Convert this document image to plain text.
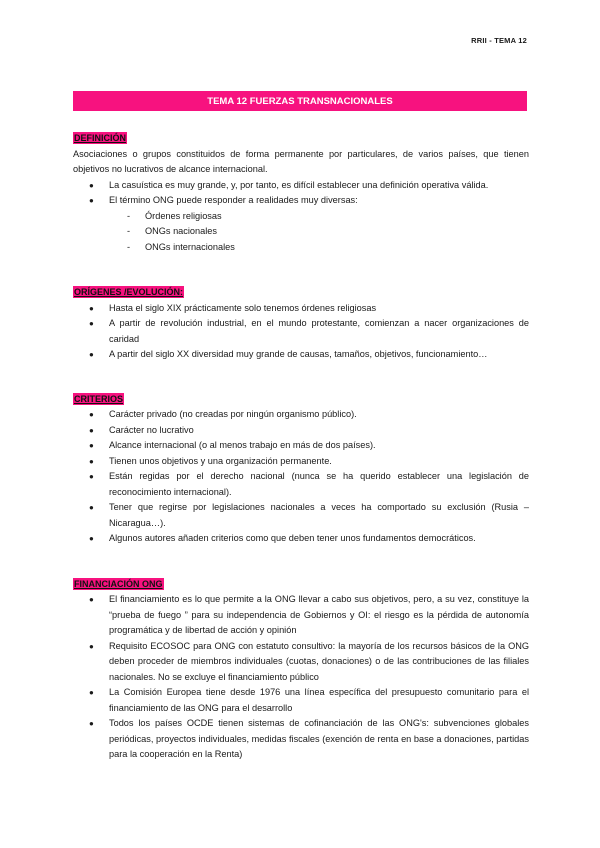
RRII - TEMA 12
TEMA 12 FUERZAS TRANSNACIONALES
DEFINICIÓN

Asociaciones o grupos constituidos de forma permanente por particulares, de varios países, que tienen objetivos no lucrativos de alcance internacional.

● La casuística es muy grande, y, por tanto, es difícil establecer una definición operativa válida.
● El término ONG puede responder a realidades muy diversas:
- Órdenes religiosas
- ONGs nacionales
- ONGs internacionales
ORÍGENES /EVOLUCIÓN:
● Hasta el siglo XIX prácticamente solo tenemos órdenes religiosas
● A partir de revolución industrial, en el mundo protestante, comienzan a nacer organizaciones de caridad
● A partir del siglo XX diversidad muy grande de causas, tamaños, objetivos, funcionamiento…
CRITERIOS
● Carácter privado (no creadas por ningún organismo público).
● Carácter no lucrativo
● Alcance internacional (o al menos trabajo en más de dos países).
● Tienen unos objetivos y una organización permanente.
● Están regidas por el derecho nacional (nunca se ha querido establecer una legislación de reconocimiento internacional).
● Tener que regirse por legislaciones nacionales a veces ha comportado su exclusión (Rusia – Nicaragua…).
● Algunos autores añaden criterios como que deben tener unos fundamentos democráticos.
FINANCIACIÓN ONG
● El financiamiento es lo que permite a la ONG llevar a cabo sus objetivos, pero, a su vez, constituye la “prueba de fuego ” para su independencia de Gobiernos y OI: el riesgo es la pérdida de autonomía programática y de libertad de acción y opinión
● Requisito ECOSOC para ONG con estatuto consultivo: la mayoría de los recursos básicos de la ONG deben proceder de miembros individuales (cuotas, donaciones) o de las contribuciones de las filiales nacionales. No se excluye el financiamiento público
● La Comisión Europea tiene desde 1976 una línea específica del presupuesto comunitario para el financiamiento de las ONG para el desarrollo
● Todos los países OCDE tienen sistemas de cofinanciación de las ONG's: subvenciones globales periódicas, proyectos individuales, medidas fiscales (exención de renta en base a donaciones, partidas para la cooperación en la Renta)
